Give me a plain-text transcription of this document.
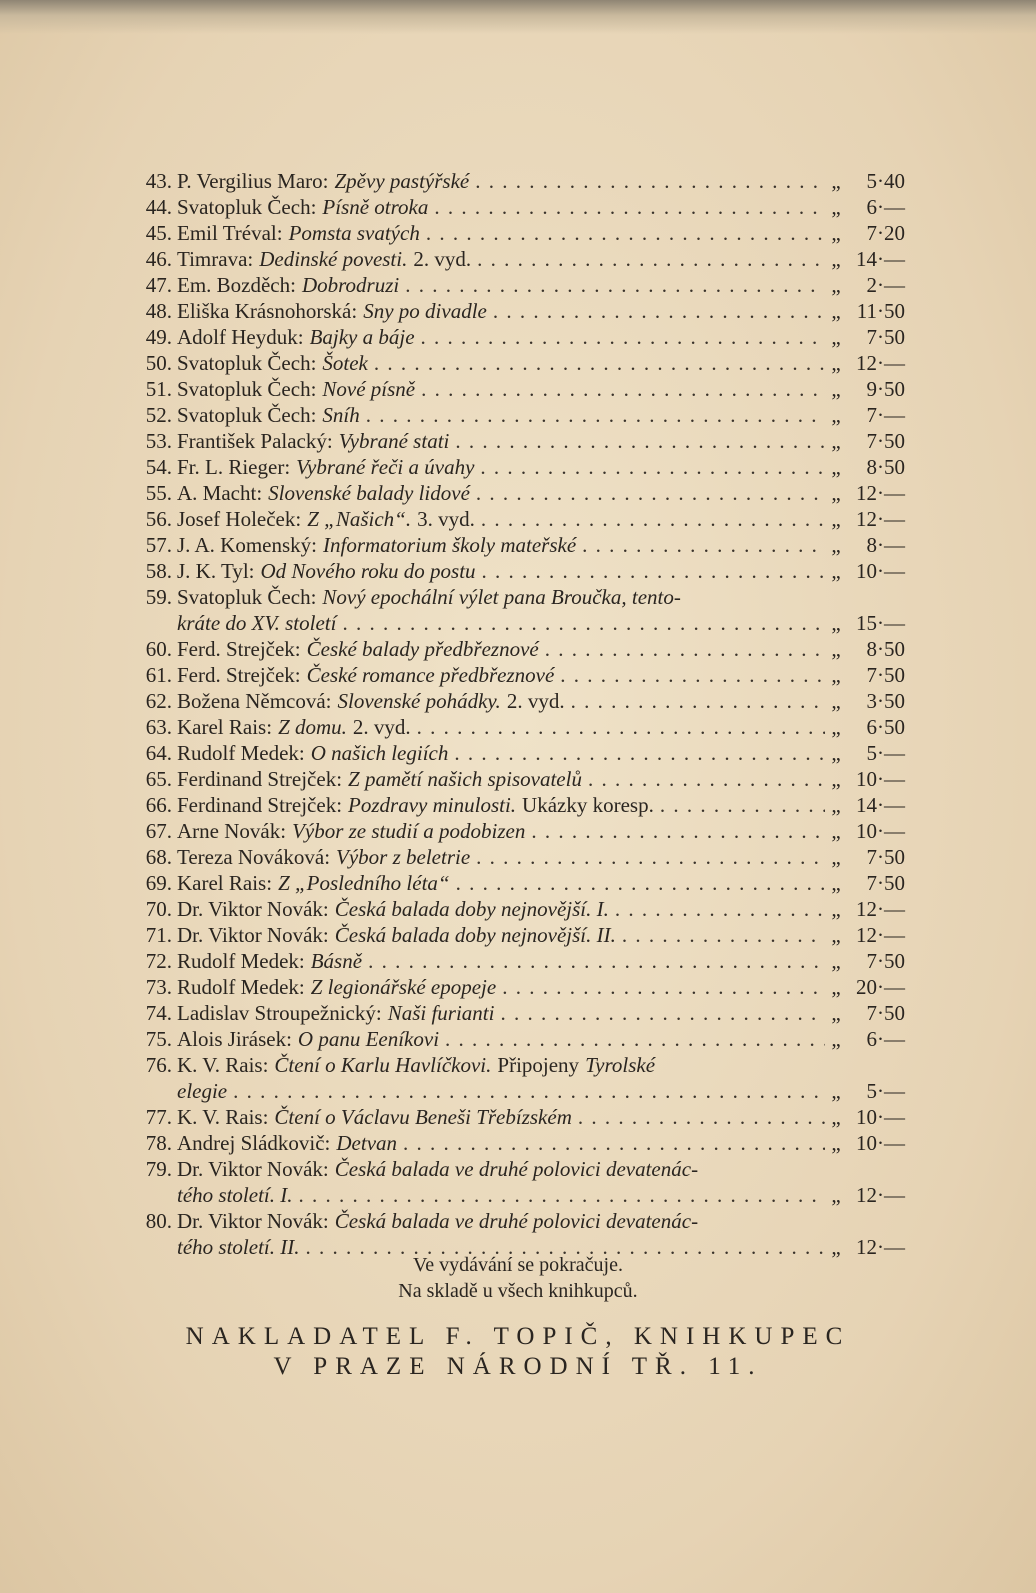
43. P. Vergilius Maro: Zpěvy pastýřské . . .	„	5·40
44. Svatopluk Čech: Písně otroka . . .	„	6·—
45. Emil Tréval: Pomsta svatých . . .	„	7·20
46. Timrava: Dedinské povesti. 2. vyd. . . .	„ 14·—
47. Em. Bozděch: Dobrodruzi . . .	„	2·—
48. Eliška Krásnohorská: Sny po divadle . . .	„ 11·50
49. Adolf Heyduk: Bajky a báje . . .	„	7·50
50. Svatopluk Čech: Šotek . . .	„ 12·—
51. Svatopluk Čech: Nové písně . . .	„	9·50
52. Svatopluk Čech: Sníh . . .	„	7·—
53. František Palacký: Vybrané stati . . .	„	7·50
54. Fr. L. Rieger: Vybrané řeči a úvahy . . .	„	8·50
55. A. Macht: Slovenské balady lidové . . .	„ 12·—
56. Josef Holeček: Z „Našich“. 3. vyd. . . .	„ 12·—
57. J. A. Komenský: Informatorium školy mateřské . . .	„	8·—
58. J. K. Tyl: Od Nového roku do postu . . .	„ 10·—
59. Svatopluk Čech: Nový epochální výlet pana Broučka, tento-
kráte do XV. století . . .	„ 15·—
60. Ferd. Strejček: České balady předbřeznové . . .	„	8·50
61. Ferd. Strejček: České romance předbřeznové . . .	„	7·50
62. Božena Němcová: Slovenské pohádky. 2. vyd. . . .	„	3·50
63. Karel Rais: Z domu. 2. vyd. . . .	„	6·50
64. Rudolf Medek: O našich legiích . . .	„	5·—
65. Ferdinand Strejček: Z pamětí našich spisovatelů . . .	„ 10·—
66. Ferdinand Strejček: Pozdravy minulosti. Ukázky koresp. . . .	„ 14·—
67. Arne Novák: Výbor ze studií a podobizen . . .	„ 10·—
68. Tereza Nováková: Výbor z beletrie . . .	„	7·50
69. Karel Rais: Z „Posledního léta“ . . .	„	7·50
70. Dr. Viktor Novák: Česká balada doby nejnovější. I. . . .	„ 12·—
71. Dr. Viktor Novák: Česká balada doby nejnovější. II. . . .	„ 12·—
72. Rudolf Medek: Básně . . .	„	7·50
73. Rudolf Medek: Z legionářské epopeje . . .	„ 20·—
74. Ladislav Stroupežnický: Naši furianti . . .	„	7·50
75. Alois Jirásek: O panu Eeníkovi . . .	„	6·—
76. K. V. Rais: Čtení o Karlu Havlíčkovi. Připojeny Tyrolské
elegie . . .	„	5·—
77. K. V. Rais: Čtení o Václavu Beneši Třebízském . . .	„ 10·—
78. Andrej Sládkovič: Detvan . . .	„ 10·—
79. Dr. Viktor Novák: Česká balada ve druhé polovici devatenác-
tého století. I. . . .	„ 12·—
80. Dr. Viktor Novák: Česká balada ve druhé polovici devatenác-
tého století. II. . . .	„ 12·—
Ve vydávání se pokračuje.
Na skladě u všech knihkupců.
NAKLADATEL F. TOPIČ, KNIHKUPEC
V PRAZE NÁRODNÍ TŘ. 11.
